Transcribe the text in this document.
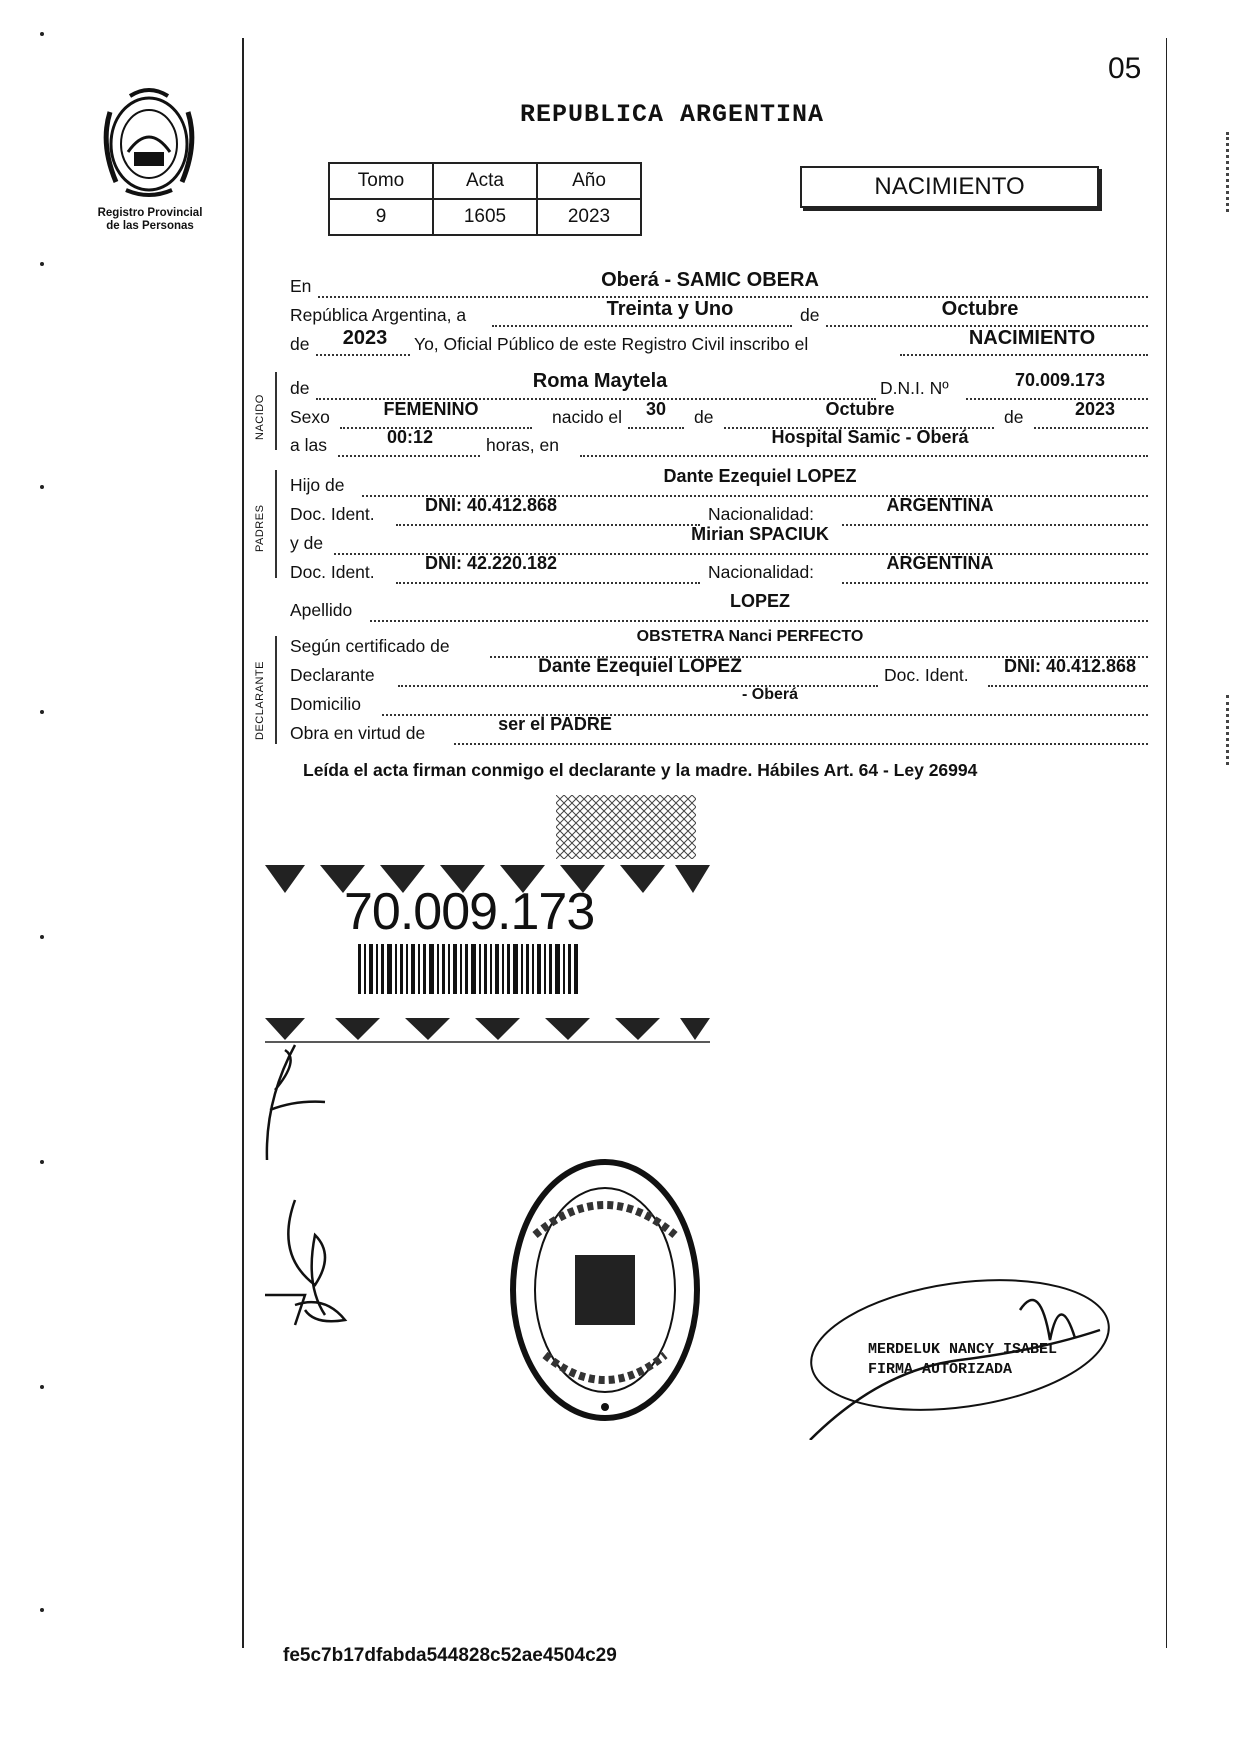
Registro Provincial
de las Personas
05
REPUBLICA ARGENTINA
Tomo	Acta	Año
9	1605	2023
NACIMIENTO
En	Oberá - SAMIC OBERA
República Argentina, a	Treinta y Uno	de	Octubre
de	2023	Yo, Oficial Público de este Registro Civil inscribo el	NACIMIENTO
NACIDO
de	Roma Maytela	D.N.I. Nº	70.009.173
Sexo	FEMENINO	nacido el	30	de	Octubre	de	2023
a las	00:12	horas, en	Hospital Samic - Oberá
PADRES
Hijo de	Dante Ezequiel LOPEZ
Doc. Ident.	DNI: 40.412.868	Nacionalidad:	ARGENTINA
y de	Mirian SPACIUK
Doc. Ident.	DNI: 42.220.182	Nacionalidad:	ARGENTINA
Apellido	LOPEZ
DECLARANTE
Según certificado de	OBSTETRA Nanci PERFECTO
Declarante	Dante Ezequiel LOPEZ	Doc. Ident.	DNI: 40.412.868
Domicilio	- Oberá
Obra en virtud de	ser el PADRE
Leída el acta firman conmigo el declarante y la madre. Hábiles Art. 64 - Ley 26994
70.009.173
MERDELUK NANCY ISABEL
FIRMA AUTORIZADA
fe5c7b17dfabda544828c52ae4504c29
